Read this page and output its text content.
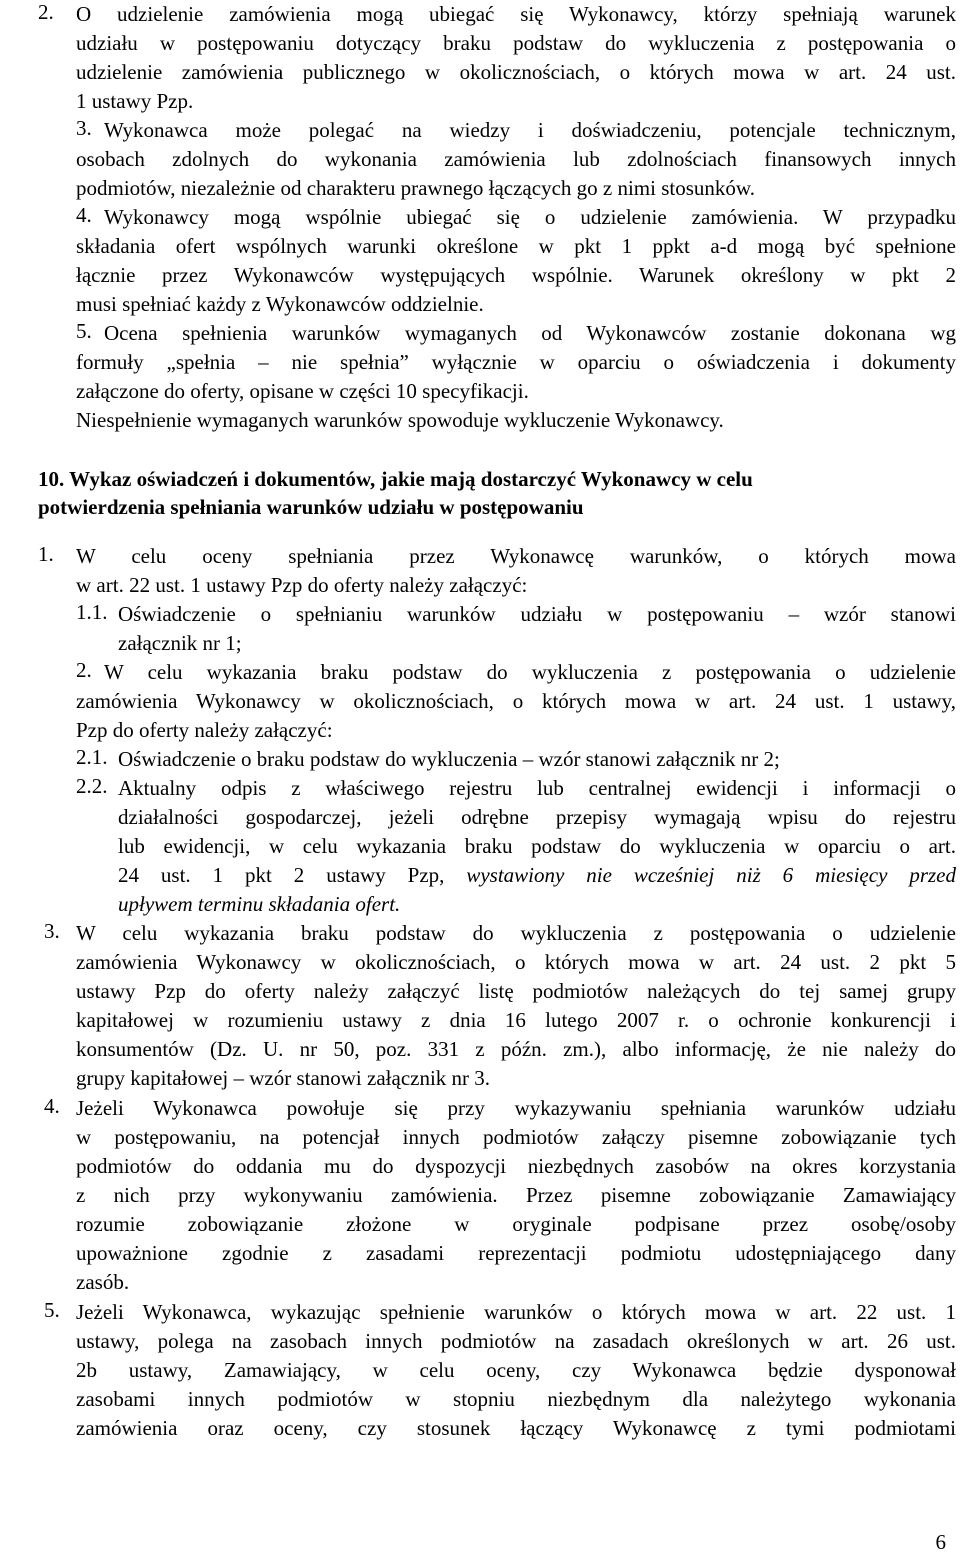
2. O udzielenie zamówienia mogą ubiegać się Wykonawcy, którzy spełniają warunek
udziału w postępowaniu dotyczący braku podstaw do wykluczenia z postępowania o
udzielenie zamówienia publicznego w okolicznościach, o których mowa w art. 24 ust.
1 ustawy Pzp.
3. Wykonawca może polegać na wiedzy i doświadczeniu, potencjale technicznym,
osobach zdolnych do wykonania zamówienia lub zdolnościach finansowych innych
podmiotów, niezależnie od charakteru prawnego łączących go z nimi stosunków.
4. Wykonawcy mogą wspólnie ubiegać się o udzielenie zamówienia. W przypadku
składania ofert wspólnych warunki określone w pkt 1 ppkt a-d mogą być spełnione
łącznie przez Wykonawców występujących wspólnie. Warunek określony w pkt 2
musi spełniać każdy z Wykonawców oddzielnie.
5. Ocena spełnienia warunków wymaganych od Wykonawców zostanie dokonana wg
formuły „spełnia – nie spełnia” wyłącznie w oparciu o oświadczenia i dokumenty
załączone do oferty, opisane w części 10 specyfikacji.
Niespełnienie wymaganych warunków spowoduje wykluczenie Wykonawcy.
10. Wykaz oświadczeń i dokumentów, jakie mają dostarczyć Wykonawcy w celu
potwierdzenia spełniania warunków udziału w postępowaniu
1. W celu oceny spełniania przez Wykonawcę warunków, o których mowa
w art. 22 ust. 1 ustawy Pzp do oferty należy załączyć:
1.1. Oświadczenie o spełnianiu warunków udziału w postępowaniu – wzór stanowi
załącznik nr 1;
2. W celu wykazania braku podstaw do wykluczenia z postępowania o udzielenie
zamówienia Wykonawcy w okolicznościach, o których mowa w art. 24 ust. 1 ustawy,
Pzp do oferty należy załączyć:
2.1. Oświadczenie o braku podstaw do wykluczenia – wzór stanowi załącznik nr 2;
2.2. Aktualny odpis z właściwego rejestru lub centralnej ewidencji i informacji o
działalności gospodarczej, jeżeli odrębne przepisy wymagają wpisu do rejestru
lub ewidencji, w celu wykazania braku podstaw do wykluczenia w oparciu o art.
24 ust. 1 pkt 2 ustawy Pzp, wystawiony nie wcześniej niż 6 miesięcy przed
upływem terminu składania ofert.
3. W celu wykazania braku podstaw do wykluczenia z postępowania o udzielenie
zamówienia Wykonawcy w okolicznościach, o których mowa w art. 24 ust. 2 pkt 5
ustawy Pzp do oferty należy załączyć listę podmiotów należących do tej samej grupy
kapitałowej w rozumieniu ustawy z dnia 16 lutego 2007 r. o ochronie konkurencji i
konsumentów (Dz. U. nr 50, poz. 331 z późn. zm.), albo informację, że nie należy do
grupy kapitałowej – wzór stanowi załącznik nr 3.
4. Jeżeli Wykonawca powołuje się przy wykazywaniu spełniania warunków udziału
w postępowaniu, na potencjał innych podmiotów załączy pisemne zobowiązanie tych
podmiotów do oddania mu do dyspozycji niezbędnych zasobów na okres korzystania
z nich przy wykonywaniu zamówienia. Przez pisemne zobowiązanie Zamawiający
rozumie zobowiązanie złożone w oryginale podpisane przez osobę/osoby
upoważnione zgodnie z zasadami reprezentacji podmiotu udostępniającego dany
zasób.
5. Jeżeli Wykonawca, wykazując spełnienie warunków o których mowa w art. 22 ust. 1
ustawy, polega na zasobach innych podmiotów na zasadach określonych w art. 26 ust.
2b ustawy, Zamawiający, w celu oceny, czy Wykonawca będzie dysponował
zasobami innych podmiotów w stopniu niezbędnym dla należytego wykonania
zamówienia oraz oceny, czy stosunek łączący Wykonawcę z tymi podmiotami
6
